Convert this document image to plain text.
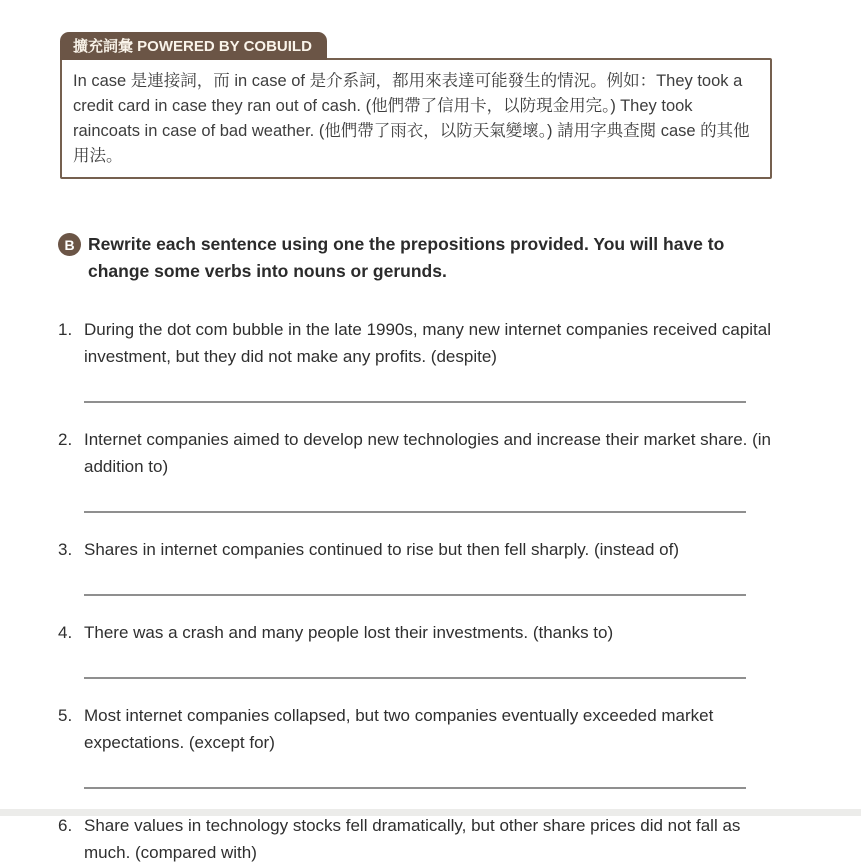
擴充詞彙 POWERED BY COBUILD

In case 是連接詞，而 in case of 是介系詞，都用來表達可能發生的情況。例如：They took a credit card in case they ran out of cash. (他們帶了信用卡，以防現金用完。) They took raincoats in case of bad weather. (他們帶了雨衣，以防天氣變壞。) 請用字典查閱 case 的其他用法。

B Rewrite each sentence using one the prepositions provided. You will have to change some verbs into nouns or gerunds.

1. During the dot com bubble in the late 1990s, many new internet companies received capital investment, but they did not make any profits. (despite)

2. Internet companies aimed to develop new technologies and increase their market share. (in addition to)

3. Shares in internet companies continued to rise but then fell sharply. (instead of)

4. There was a crash and many people lost their investments. (thanks to)

5. Most internet companies collapsed, but two companies eventually exceeded market expectations. (except for)

6. Share values in technology stocks fell dramatically, but other share prices did not fall as much. (compared with)
